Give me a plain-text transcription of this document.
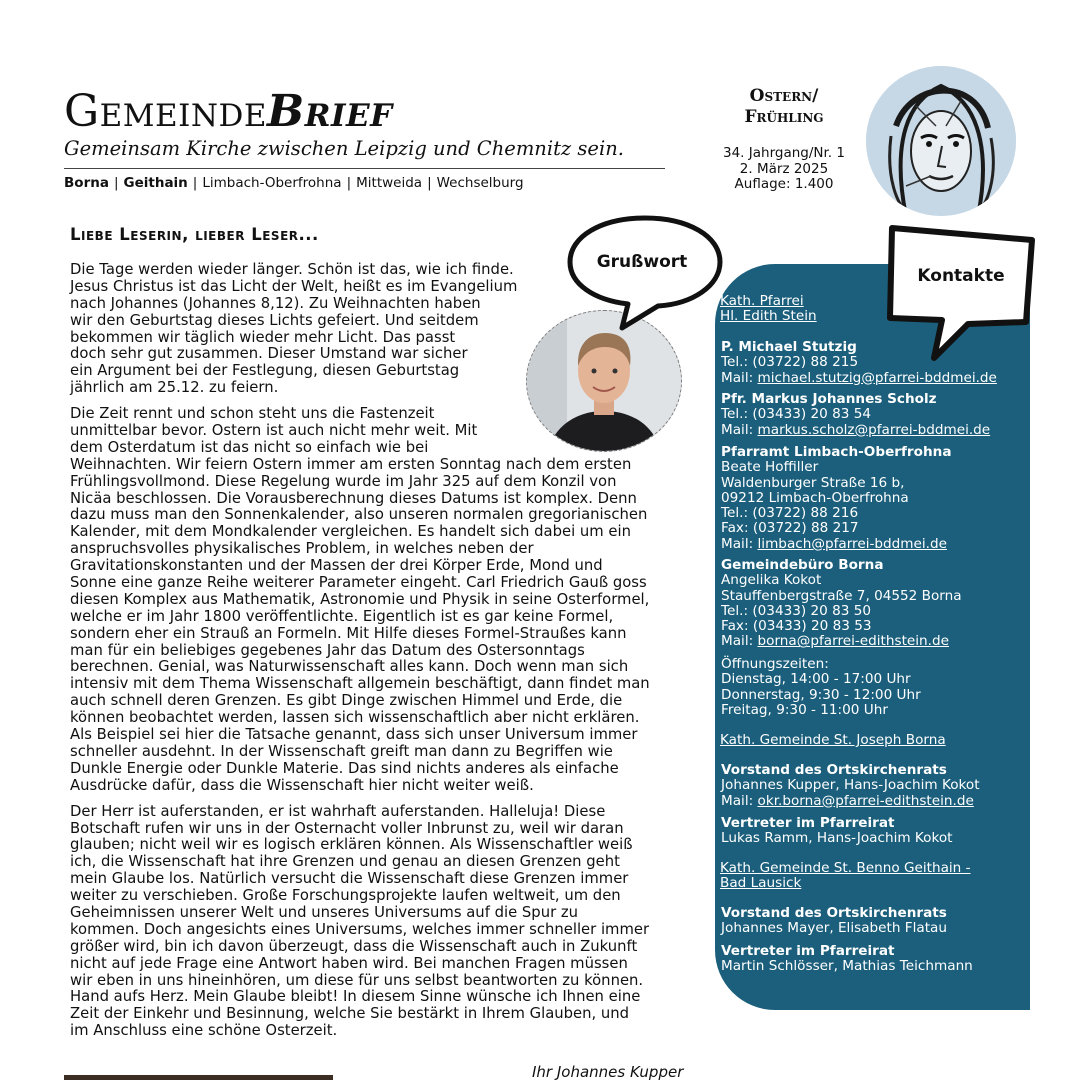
GemeindeBrief
Gemeinsam Kirche zwischen Leipzig und Chemnitz sein.
Borna | Geithain | Limbach-Oberfrohna | Mittweida | Wechselburg
Ostern/
Frühling
34. Jahrgang/Nr. 1
2. März 2025
Auflage: 1.400
Liebe Leserin, lieber Leser...
Die Tage werden wieder länger. Schön ist das, wie ich finde.
Jesus Christus ist das Licht der Welt, heißt es im Evangelium
nach Johannes (Johannes 8,12). Zu Weihnachten haben
wir den Geburtstag dieses Lichts gefeiert. Und seitdem
bekommen wir täglich wieder mehr Licht. Das passt
doch sehr gut zusammen. Dieser Umstand war sicher
ein Argument bei der Festlegung, diesen Geburtstag
jährlich am 25.12. zu feiern.
Die Zeit rennt und schon steht uns die Fastenzeit
unmittelbar bevor. Ostern ist auch nicht mehr weit. Mit
dem Osterdatum ist das nicht so einfach wie bei
Weihnachten. Wir feiern Ostern immer am ersten Sonntag nach dem ersten
Frühlingsvollmond. Diese Regelung wurde im Jahr 325 auf dem Konzil von
Nicäa beschlossen. Die Vorausberechnung dieses Datums ist komplex. Denn
dazu muss man den Sonnenkalender, also unseren normalen gregorianischen
Kalender, mit dem Mondkalender vergleichen. Es handelt sich dabei um ein
anspruchsvolles physikalisches Problem, in welches neben der
Gravitationskonstanten und der Massen der drei Körper Erde, Mond und
Sonne eine ganze Reihe weiterer Parameter eingeht. Carl Friedrich Gauß goss
diesen Komplex aus Mathematik, Astronomie und Physik in seine Osterformel,
welche er im Jahr 1800 veröffentlichte. Eigentlich ist es gar keine Formel,
sondern eher ein Strauß an Formeln. Mit Hilfe dieses Formel-Straußes kann
man für ein beliebiges gegebenes Jahr das Datum des Ostersonntags
berechnen. Genial, was Naturwissenschaft alles kann. Doch wenn man sich
intensiv mit dem Thema Wissenschaft allgemein beschäftigt, dann findet man
auch schnell deren Grenzen. Es gibt Dinge zwischen Himmel und Erde, die
können beobachtet werden, lassen sich wissenschaftlich aber nicht erklären.
Als Beispiel sei hier die Tatsache genannt, dass sich unser Universum immer
schneller ausdehnt. In der Wissenschaft greift man dann zu Begriffen wie
Dunkle Energie oder Dunkle Materie. Das sind nichts anderes als einfache
Ausdrücke dafür, dass die Wissenschaft hier nicht weiter weiß.
Der Herr ist auferstanden, er ist wahrhaft auferstanden. Halleluja! Diese
Botschaft rufen wir uns in der Osternacht voller Inbrunst zu, weil wir daran
glauben; nicht weil wir es logisch erklären können. Als Wissenschaftler weiß
ich, die Wissenschaft hat ihre Grenzen und genau an diesen Grenzen geht
mein Glaube los. Natürlich versucht die Wissenschaft diese Grenzen immer
weiter zu verschieben. Große Forschungsprojekte laufen weltweit, um den
Geheimnissen unserer Welt und unseres Universums auf die Spur zu
kommen. Doch angesichts eines Universums, welches immer schneller immer
größer wird, bin ich davon überzeugt, dass die Wissenschaft auch in Zukunft
nicht auf jede Frage eine Antwort haben wird. Bei manchen Fragen müssen
wir eben in uns hineinhören, um diese für uns selbst beantworten zu können.
Hand aufs Herz. Mein Glaube bleibt! In diesem Sinne wünsche ich Ihnen eine
Zeit der Einkehr und Besinnung, welche Sie bestärkt in Ihrem Glauben, und
im Anschluss eine schöne Osterzeit.
Grußwort
Kontakte
Kath. Pfarrei
Hl. Edith Stein
P. Michael Stutzig
Tel.: (03722) 88 215
Mail: michael.stutzig@pfarrei-bddmei.de
Pfr. Markus Johannes Scholz
Tel.: (03433) 20 83 54
Mail: markus.scholz@pfarrei-bddmei.de
Pfarramt Limbach-Oberfrohna
Beate Hoffiller
Waldenburger Straße 16 b,
09212 Limbach-Oberfrohna
Tel.: (03722) 88 216
Fax: (03722) 88 217
Mail: limbach@pfarrei-bddmei.de
Gemeindebüro Borna
Angelika Kokot
Stauffenbergstraße 7, 04552 Borna
Tel.: (03433) 20 83 50
Fax: (03433) 20 83 53
Mail: borna@pfarrei-edithstein.de
Öffnungszeiten:
Dienstag, 14:00 - 17:00 Uhr
Donnerstag, 9:30 - 12:00 Uhr
Freitag, 9:30 - 11:00 Uhr
Kath. Gemeinde St. Joseph Borna
Vorstand des Ortskirchenrats
Johannes Kupper, Hans-Joachim Kokot
Mail: okr.borna@pfarrei-edithstein.de
Vertreter im Pfarreirat
Lukas Ramm, Hans-Joachim Kokot
Kath. Gemeinde St. Benno Geithain -
Bad Lausick
Vorstand des Ortskirchenrats
Johannes Mayer, Elisabeth Flatau
Vertreter im Pfarreirat
Martin Schlösser, Mathias Teichmann
Ihr Johannes Kupper
